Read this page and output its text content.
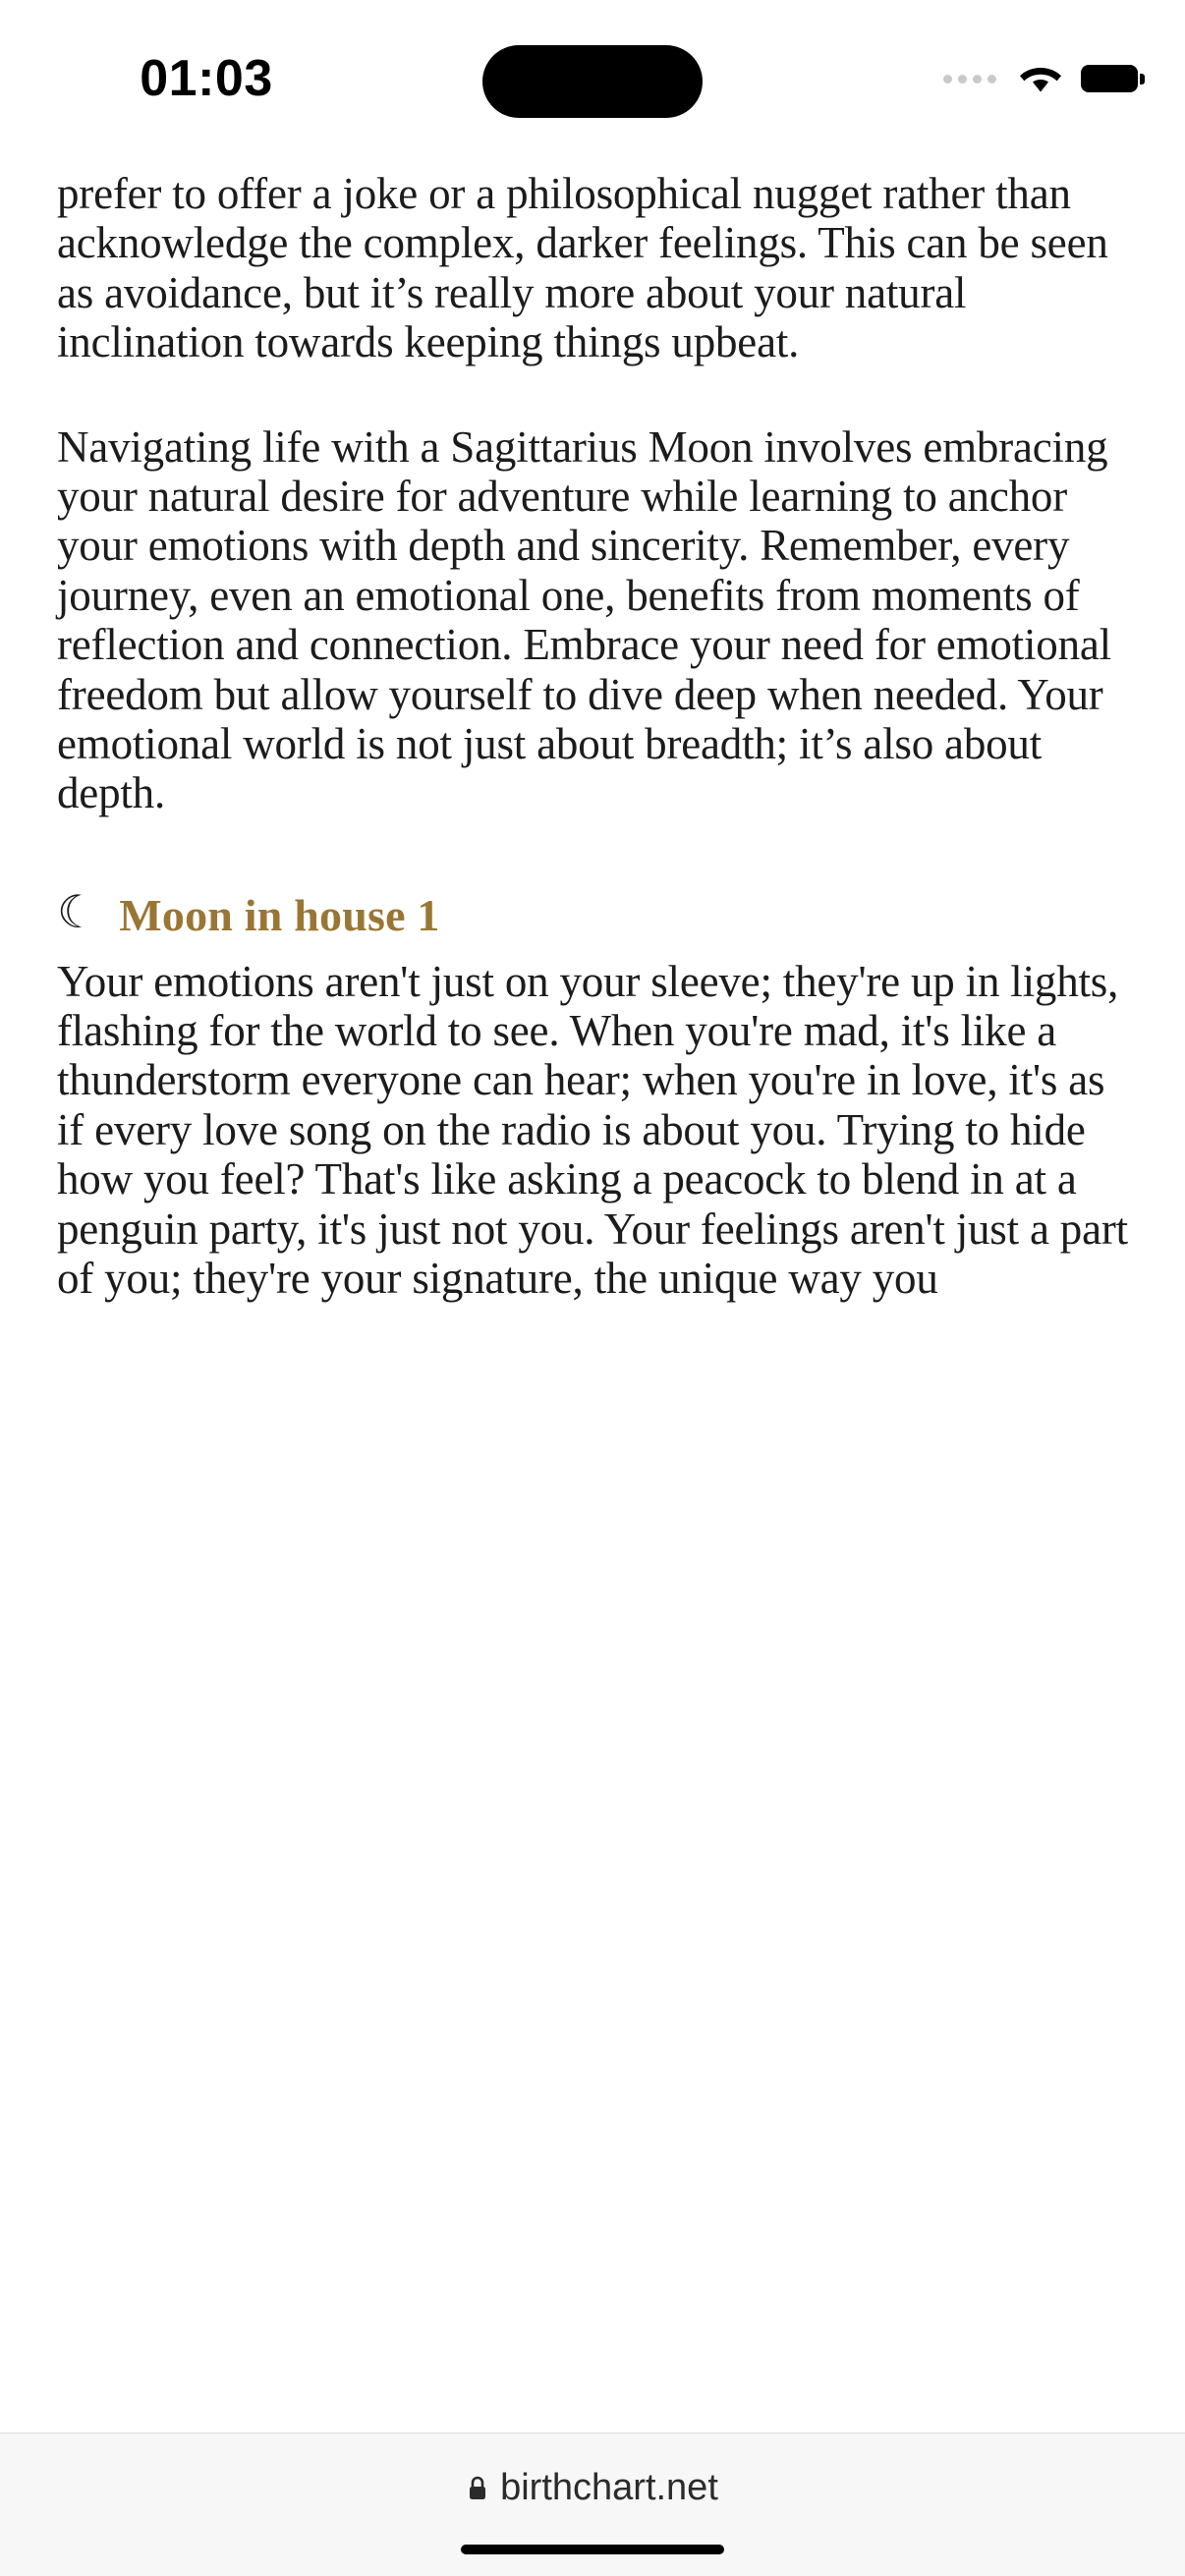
01:03

prefer to offer a joke or a philosophical nugget rather than acknowledge the complex, darker feelings. This can be seen as avoidance, but it’s really more about your natural inclination towards keeping things upbeat.

Navigating life with a Sagittarius Moon involves embracing your natural desire for adventure while learning to anchor your emotions with depth and sincerity. Remember, every journey, even an emotional one, benefits from moments of reflection and connection. Embrace your need for emotional freedom but allow yourself to dive deep when needed. Your emotional world is not just about breadth; it’s also about depth.

☾ Moon in house 1

Your emotions aren't just on your sleeve; they're up in lights, flashing for the world to see. When you're mad, it's like a thunderstorm everyone can hear; when you're in love, it's as if every love song on the radio is about you. Trying to hide how you feel? That's like asking a peacock to blend in at a penguin party, it's just not you. Your feelings aren't just a part of you; they're your signature, the unique way you

birthchart.net
